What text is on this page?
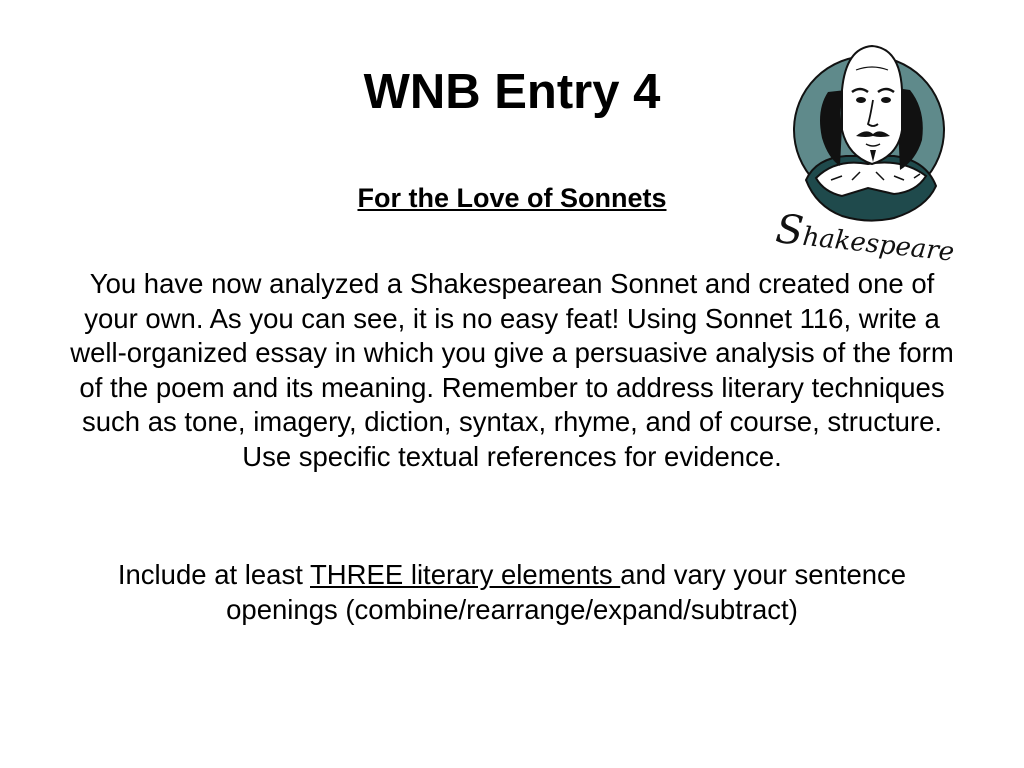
WNB Entry 4
For the Love of Sonnets

You have now analyzed a Shakespearean Sonnet and created one of your own. As you can see, it is no easy feat! Using Sonnet 116, write a well-organized essay in which you give a persuasive analysis of the form of the poem and its meaning. Remember to address literary techniques such as tone, imagery, diction, syntax, rhyme, and of course, structure. Use specific textual references for evidence.

Include at least THREE literary elements and vary your sentence openings (combine/rearrange/expand/subtract)

Shakespeare
